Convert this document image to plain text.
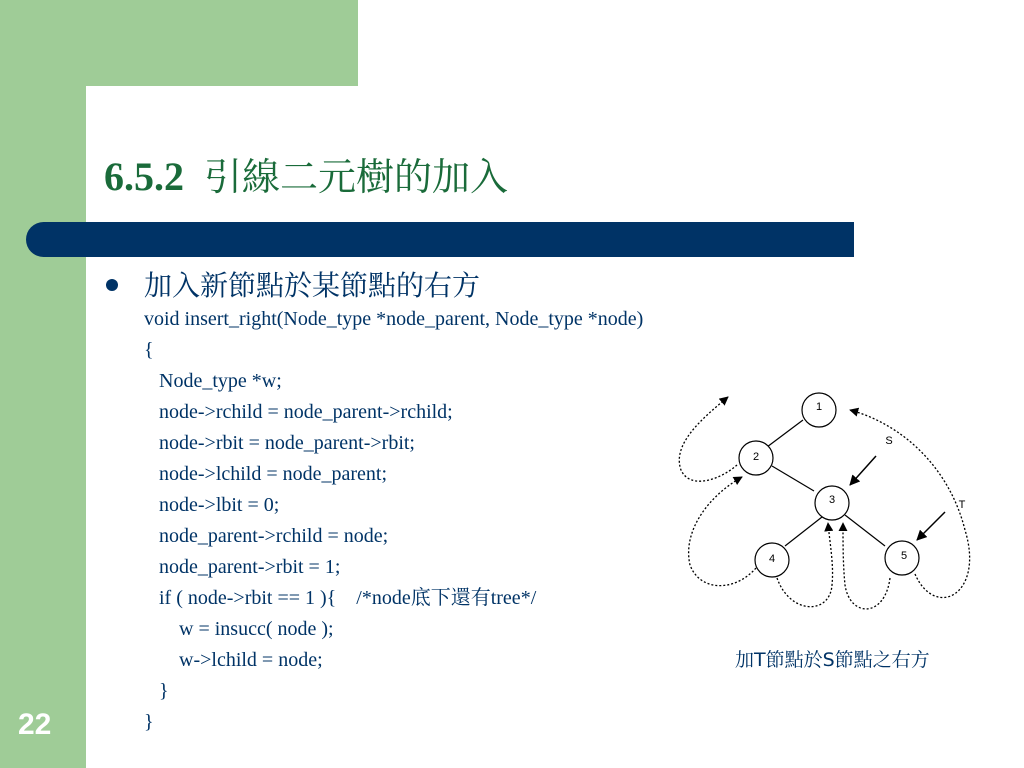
22
6.5.2 引線二元樹的加入
加入新節點於某節點的右方
void insert_right(Node_type *node_parent, Node_type *node)
{
Node_type *w;
node->rchild = node_parent->rchild;
node->rbit = node_parent->rbit;
node->lchild = node_parent;
node->lbit = 0;
node_parent->rchild = node;
node_parent->rbit = 1;
if ( node->rbit == 1 ){    /*node底下還有tree*/
w = insucc( node );
w->lchild = node;
}
}
1
2
3
4	5
S
T
加T節點於S節點之右方
